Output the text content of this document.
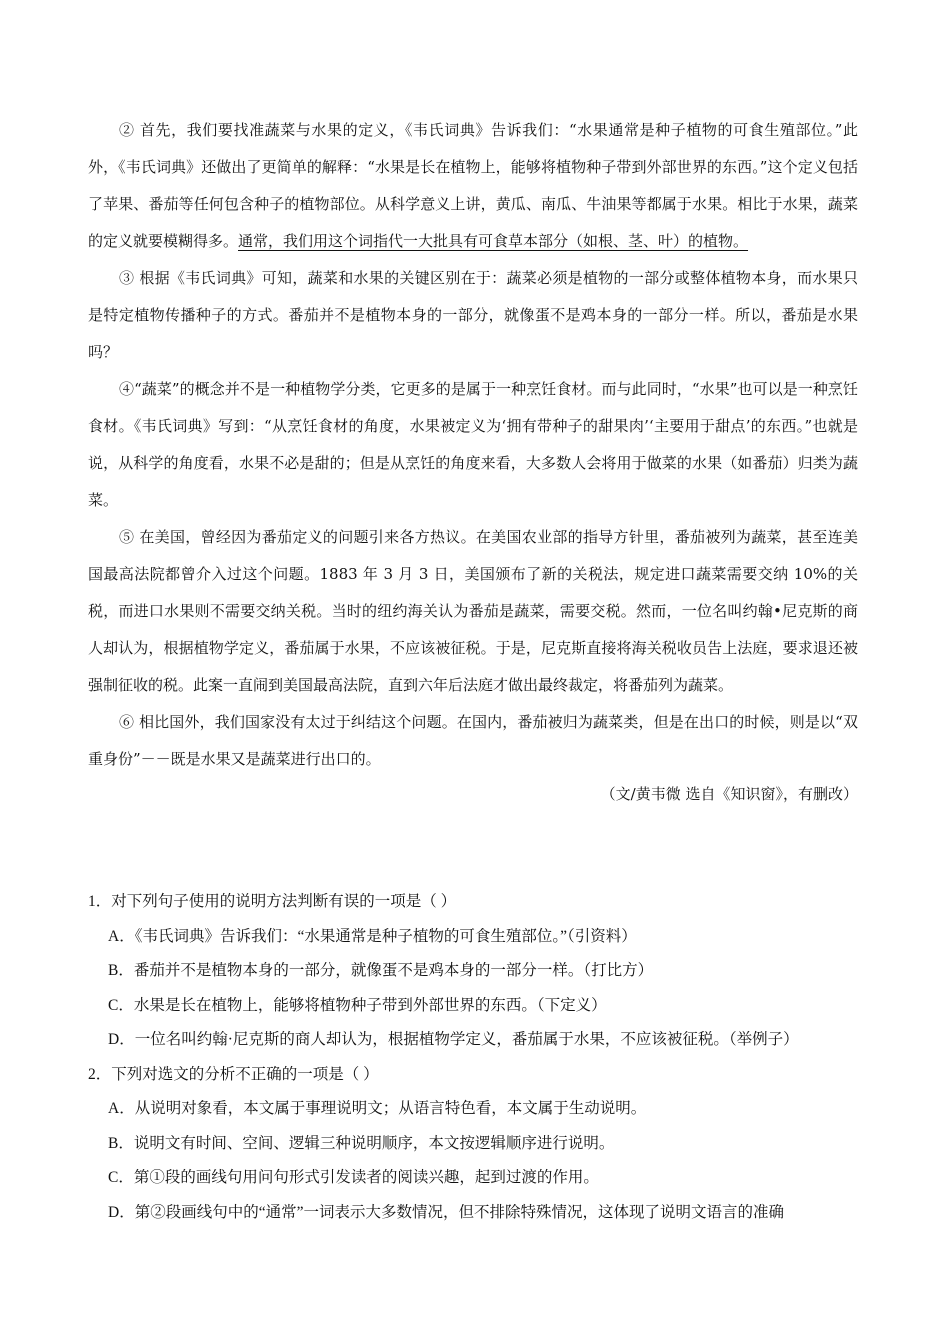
② 首先，我们要找准蔬菜与水果的定义，《韦氏词典》告诉我们：“水果通常是种子植物的可食生殖部位。”此外，《韦氏词典》还做出了更简单的解释：“水果是长在植物上，能够将植物种子带到外部世界的东西。”这个定义包括了苹果、番茄等任何包含种子的植物部位。从科学意义上讲，黄瓜、南瓜、牛油果等都属于水果。相比于水果，蔬菜的定义就要模糊得多。通常，我们用这个词指代一大批具有可食草本部分（如根、茎、叶）的植物。

③ 根据《韦氏词典》可知，蔬菜和水果的关键区别在于：蔬菜必须是植物的一部分或整体植物本身，而水果只是特定植物传播种子的方式。番茄并不是植物本身的一部分，就像蛋不是鸡本身的一部分一样。所以，番茄是水果吗？

④“蔬菜”的概念并不是一种植物学分类，它更多的是属于一种烹饪食材。而与此同时，“水果”也可以是一种烹饪食材。《韦氏词典》写到：“从烹饪食材的角度，水果被定义为‘拥有带种子的甜果肉’‘主要用于甜点’的东西。”也就是说，从科学的角度看，水果不必是甜的；但是从烹饪的角度来看，大多数人会将用于做菜的水果（如番茄）归类为蔬菜。

⑤ 在美国，曾经因为番茄定义的问题引来各方热议。在美国农业部的指导方针里，番茄被列为蔬菜，甚至连美国最高法院都曾介入过这个问题。1883 年 3 月 3 日，美国颁布了新的关税法，规定进口蔬菜需要交纳 10%的关税，而进口水果则不需要交纳关税。当时的纽约海关认为番茄是蔬菜，需要交税。然而，一位名叫约翰•尼克斯的商人却认为，根据植物学定义，番茄属于水果，不应该被征税。于是，尼克斯直接将海关税收员告上法庭，要求退还被强制征收的税。此案一直闹到美国最高法院，直到六年后法庭才做出最终裁定，将番茄列为蔬菜。

⑥ 相比国外，我们国家没有太过于纠结这个问题。在国内，番茄被归为蔬菜类，但是在出口的时候，则是以“双重身份”－－既是水果又是蔬菜进行出口的。

（文/黄韦微 选自《知识窗》，有删改）

1．对下列句子使用的说明方法判断有误的一项是（ ）

A．《韦氏词典》告诉我们：“水果通常是种子植物的可食生殖部位。”（引资料）

B．番茄并不是植物本身的一部分，就像蛋不是鸡本身的一部分一样。（打比方）

C．水果是长在植物上，能够将植物种子带到外部世界的东西。（下定义）

D．一位名叫约翰·尼克斯的商人却认为，根据植物学定义，番茄属于水果，不应该被征税。（举例子）

2．下列对选文的分析不正确的一项是（ ）

A．从说明对象看，本文属于事理说明文；从语言特色看，本文属于生动说明。

B．说明文有时间、空间、逻辑三种说明顺序，本文按逻辑顺序进行说明。

C．第①段的画线句用问句形式引发读者的阅读兴趣，起到过渡的作用。

D．第②段画线句中的“通常”一词表示大多数情况，但不排除特殊情况，这体现了说明文语言的准确
